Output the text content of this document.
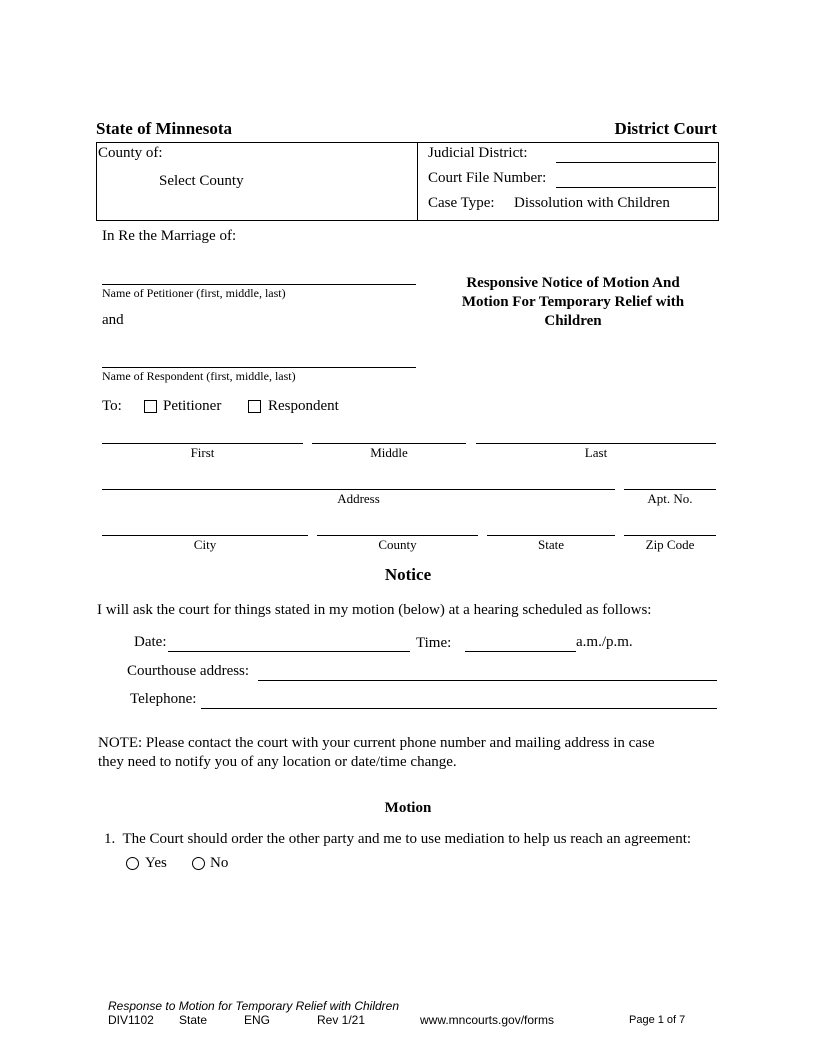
State of Minnesota	District Court
County of:
Select County
Judicial District:
Court File Number:
Case Type: Dissolution with Children
In Re the Marriage of:
Name of Petitioner (first, middle, last)
and
Name of Respondent (first, middle, last)
Responsive Notice of Motion And
Motion For Temporary Relief with
Children
To:	Petitioner	Respondent
First	Middle	Last
Address	Apt. No.
City	County	State	Zip Code
Notice
I will ask the court for things stated in my motion (below) at a hearing scheduled as follows:
Date:	Time:	a.m./p.m.
Courthouse address:
Telephone:
NOTE: Please contact the court with your current phone number and mailing address in case
they need to notify you of any location or date/time change.
Motion
1.  The Court should order the other party and me to use mediation to help us reach an agreement:
Yes	No
Response to Motion for Temporary Relief with Children
DIV1102 State	ENG	Rev 1/21	www.mncourts.gov/forms	Page 1 of 7
